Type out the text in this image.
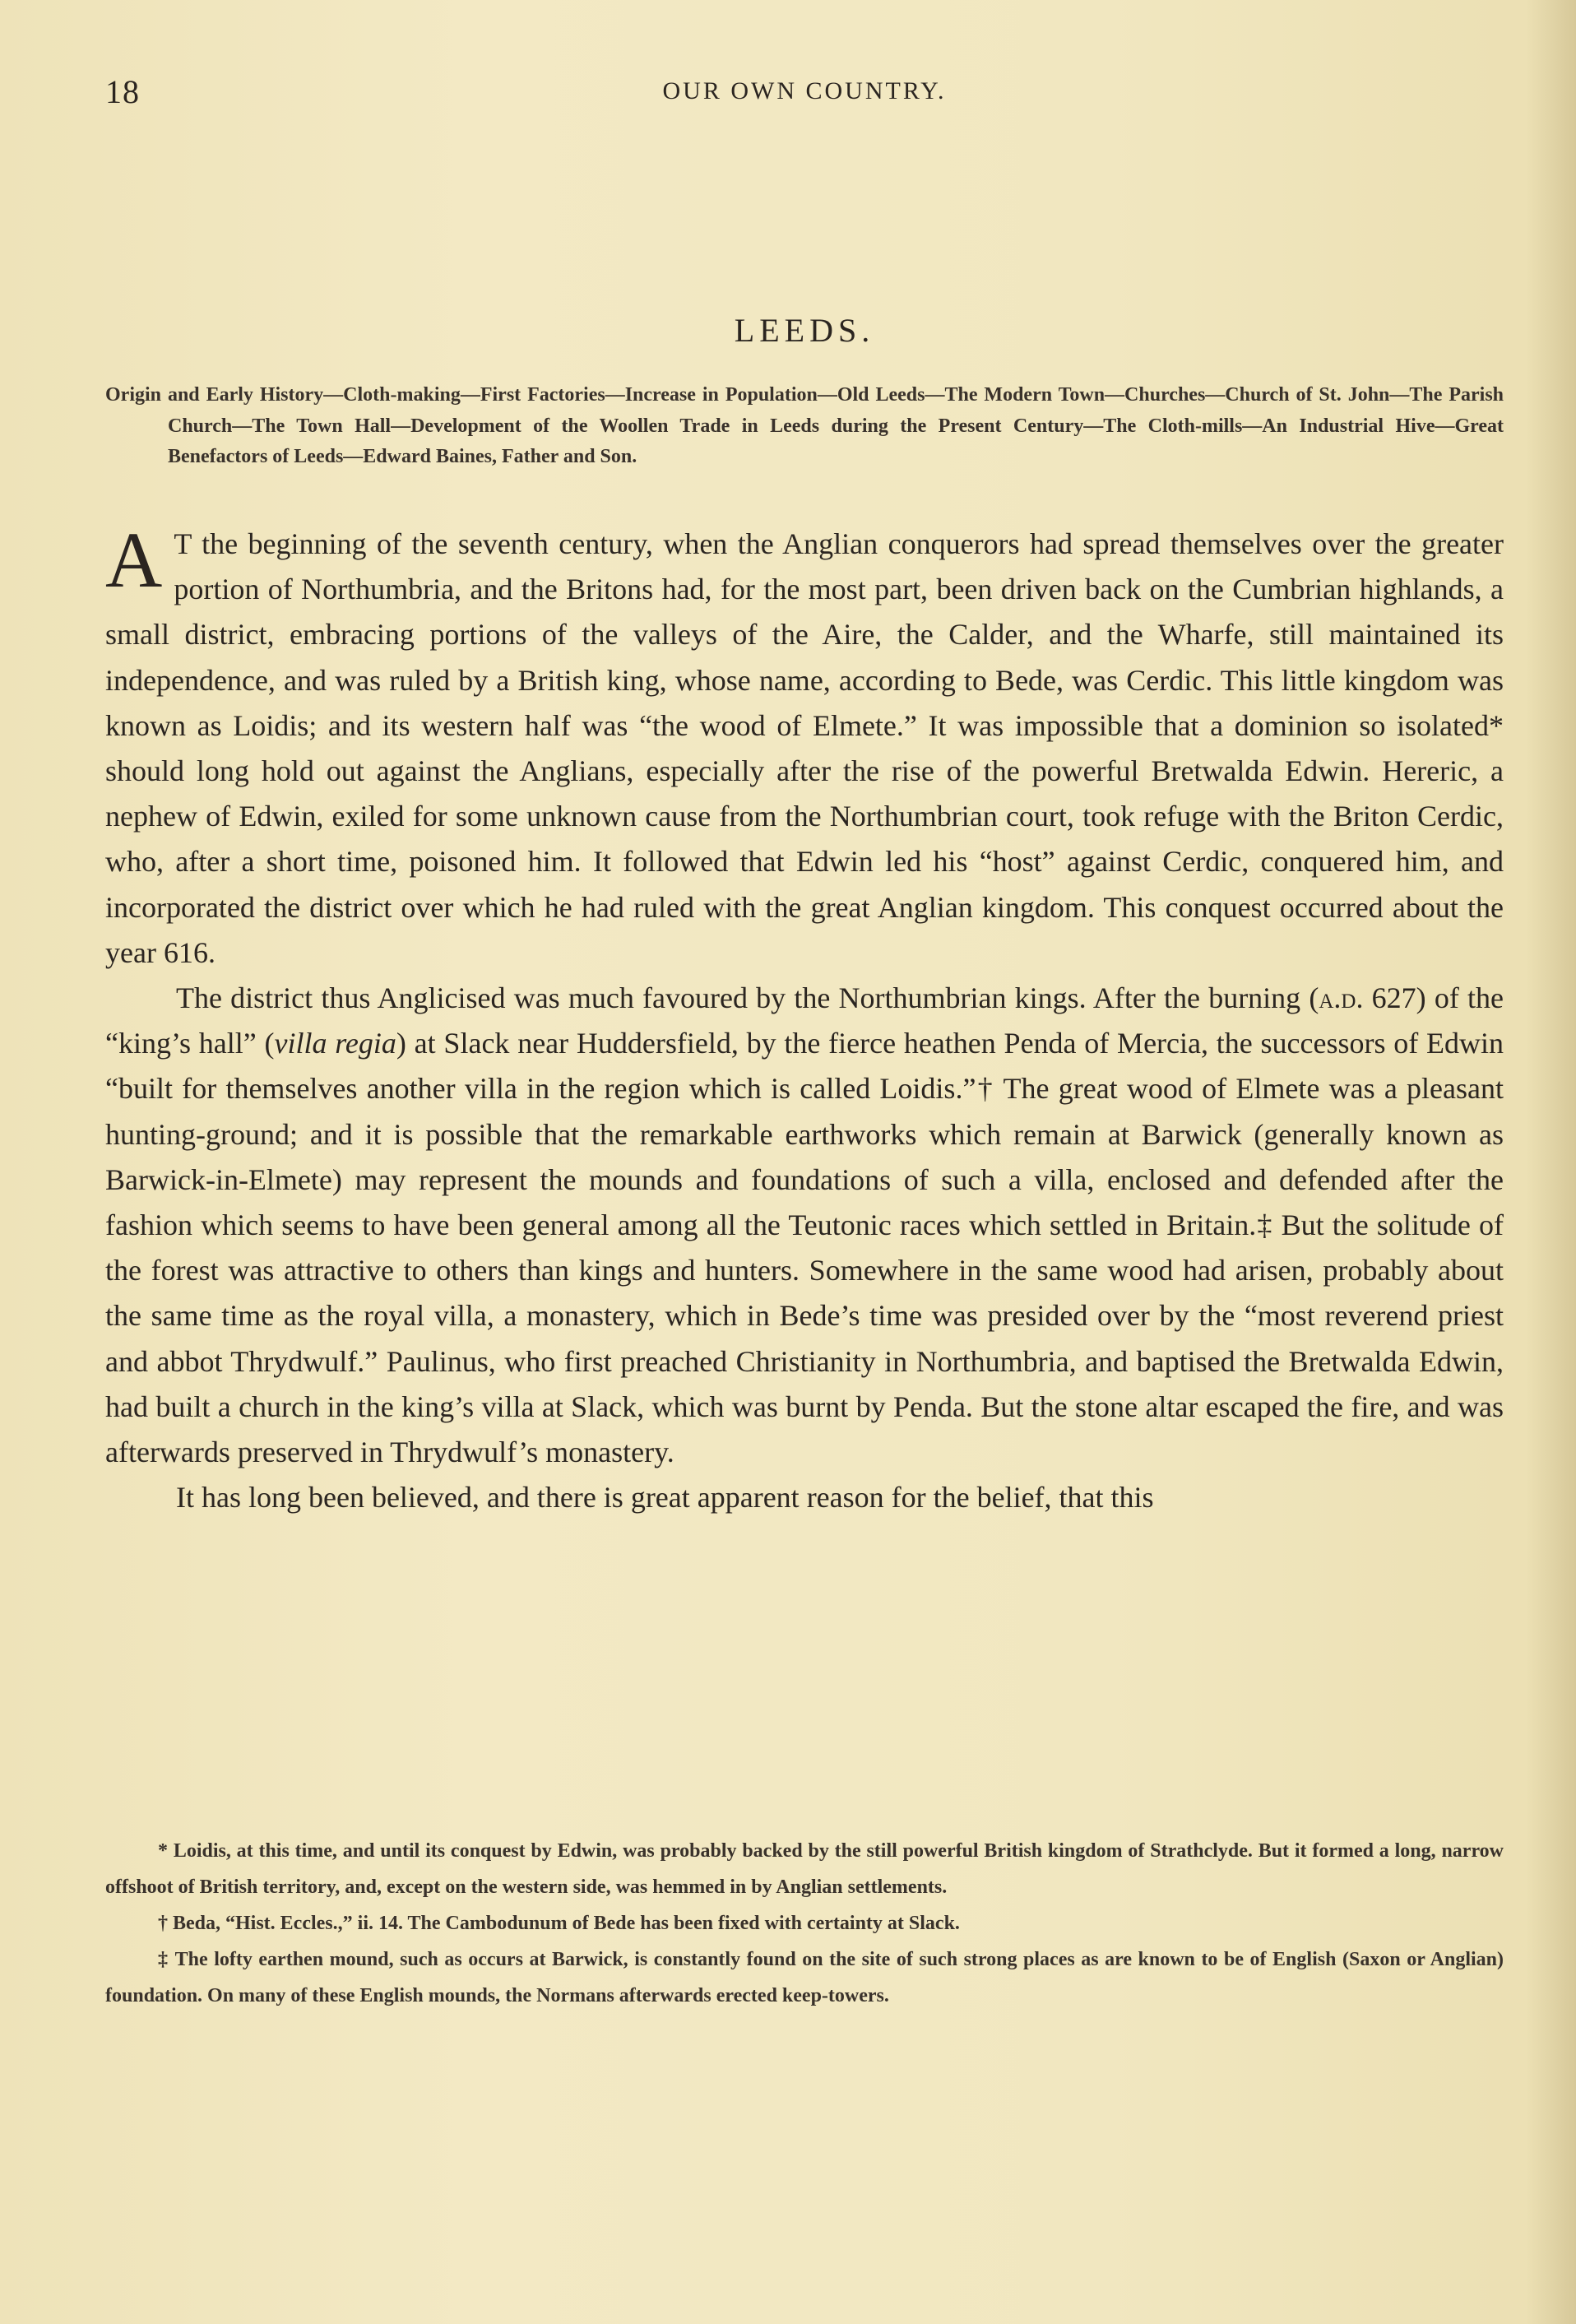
18	OUR OWN COUNTRY.
LEEDS.
Origin and Early History—Cloth-making—First Factories—Increase in Population—Old Leeds—The Modern Town—Churches—Church of St. John—The Parish Church—The Town Hall—Development of the Woollen Trade in Leeds during the Present Century—The Cloth-mills—An Industrial Hive—Great Benefactors of Leeds—Edward Baines, Father and Son.

A T the beginning of the seventh century, when the Anglian conquerors had spread themselves over the greater portion of Northumbria, and the Britons had, for the most part, been driven back on the Cumbrian highlands, a small district, embracing portions of the valleys of the Aire, the Calder, and the Wharfe, still maintained its independence, and was ruled by a British king, whose name, according to Bede, was Cerdic. This little kingdom was known as Loidis; and its western half was “the wood of Elmete.” It was impossible that a dominion so isolated* should long hold out against the Anglians, especially after the rise of the powerful Bretwalda Edwin. Hereric, a nephew of Edwin, exiled for some unknown cause from the Northumbrian court, took refuge with the Briton Cerdic, who, after a short time, poisoned him. It followed that Edwin led his “host” against Cerdic, conquered him, and incorporated the district over which he had ruled with the great Anglian kingdom. This conquest occurred about the year 616.

The district thus Anglicised was much favoured by the Northumbrian kings. After the burning (a.d. 627) of the “king’s hall” (villa regia) at Slack near Huddersfield, by the fierce heathen Penda of Mercia, the successors of Edwin “built for themselves another villa in the region which is called Loidis.”† The great wood of Elmete was a pleasant hunting-ground; and it is possible that the remarkable earthworks which remain at Barwick (generally known as Barwick-in-Elmete) may represent the mounds and foundations of such a villa, enclosed and defended after the fashion which seems to have been general among all the Teutonic races which settled in Britain.‡ But the solitude of the forest was attractive to others than kings and hunters. Somewhere in the same wood had arisen, probably about the same time as the royal villa, a monastery, which in Bede’s time was presided over by the “most reverend priest and abbot Thrydwulf.” Paulinus, who first preached Christianity in Northumbria, and baptised the Bretwalda Edwin, had built a church in the king’s villa at Slack, which was burnt by Penda. But the stone altar escaped the fire, and was afterwards preserved in Thrydwulf’s monastery.

It has long been believed, and there is great apparent reason for the belief, that this

* Loidis, at this time, and until its conquest by Edwin, was probably backed by the still powerful British kingdom of Strathclyde. But it formed a long, narrow offshoot of British territory, and, except on the western side, was hemmed in by Anglian settlements.

† Beda, “Hist. Eccles.,” ii. 14. The Cambodunum of Bede has been fixed with certainty at Slack.

‡ The lofty earthen mound, such as occurs at Barwick, is constantly found on the site of such strong places as are known to be of English (Saxon or Anglian) foundation. On many of these English mounds, the Normans afterwards erected keep-towers.
